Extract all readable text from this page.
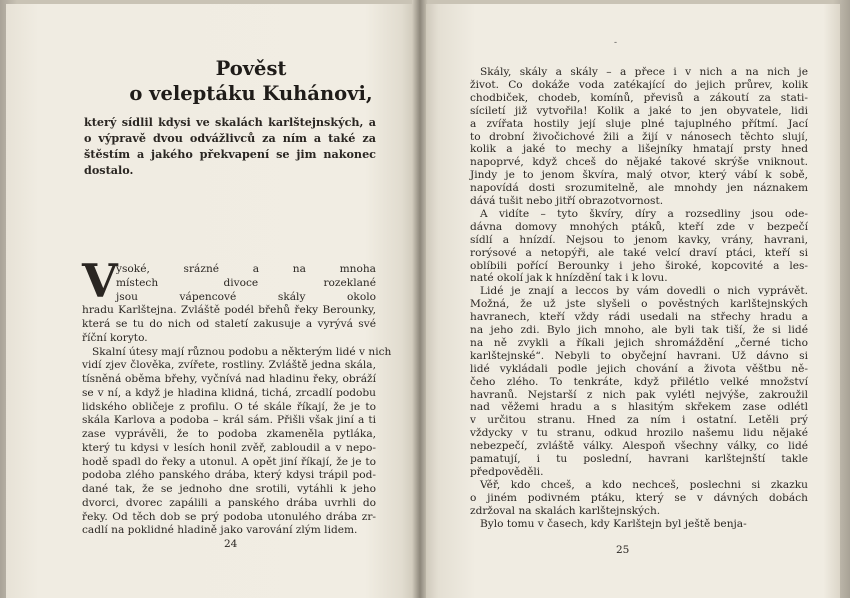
Pověst
o veleptáku Kuhánovi,
který sídlil kdysi ve skalách karlštejnských, a o výpravě dvou odvážlivců za ním a také za štěstím a jakého překvapení se jim nakonec dostalo.
V
24
ysoké, srázné a na mnoha
místech divoce rozeklané
jsou vápencové skály okolo
hradu Karlštejna. Zvláště podél břehů řeky Berounky,
která se tu do nich od staletí zakusuje a vyrývá své
říční koryto.
Skalní útesy mají různou podobu a některým lidé v nich
vidí zjev člověka, zvířete, rostliny. Zvláště jedna skála,
tísněná oběma břehy, vyčnívá nad hladinu řeky, obráží
se v ní, a když je hladina klidná, tichá, zrcadlí podobu
lidského obličeje z profilu. O té skále říkají, že je to
skála Karlova a podoba – král sám. Přišli však jiní a ti
zase vyprávěli, že to podoba zkameněla pytláka,
který tu kdysi v lesích honil zvěř, zabloudil a v nepo-
hodě spadl do řeky a utonul. A opět jiní říkají, že je to
podoba zlého panského drába, který kdysi trápil pod-
dané tak, že se jednoho dne srotili, vytáhli k jeho
dvorci, dvorec zapálili a panského drába uvrhli do
řeky. Od těch dob se prý podoba utonulého drába zr-
cadlí na poklidné hladině jako varování zlým lidem.
-
25
Skály, skály a skály – a přece i v nich a na nich je
život. Co dokáže voda zatékající do jejich průrev, kolik
chodbiček, chodeb, komínů, převisů a zákoutí za stati-
síciletí již vytvořila! Kolik a jaké to jen obyvatele, lidi
a zvířata hostily její sluje plné tajuplného přítmí. Jací
to drobní živočichové žili a žijí v nánosech těchto slují,
kolik a jaké to mechy a lišejníky hmatají prsty hned
napoprvé, když chceš do nějaké takové skrýše vniknout.
Jindy je to jenom škvíra, malý otvor, který vábí k sobě,
napovídá dosti srozumitelně, ale mnohdy jen náznakem
dává tušit nebo jitří obrazotvornost.
A vidíte – tyto škvíry, díry a rozsedliny jsou ode-
dávna domovy mnohých ptáků, kteří zde v bezpečí
sídlí a hnízdí. Nejsou to jenom kavky, vrány, havrani,
rorýsové a netopýři, ale také velcí draví ptáci, kteří si
oblíbili pořící Berounky i jeho široké, kopcovité a les-
naté okolí jak k hnízdění tak i k lovu.
Lidé je znají a leccos by vám dovedli o nich vyprávět.
Možná, že už jste slyšeli o pověstných karlštejnských
havranech, kteří vždy rádi usedali na střechy hradu a
na jeho zdi. Bylo jich mnoho, ale byli tak tiší, že si lidé
na ně zvykli a říkali jejich shromáždění „černé ticho
karlštejnské“. Nebyli to obyčejní havrani. Už dávno si
lidé vykládali podle jejich chování a života věštbu ně-
čeho zlého. To tenkráte, když přilétlo velké množství
havranů. Nejstarší z nich pak vylétl nejvýše, zakroužil
nad věžemi hradu a s hlasitým skřekem zase odlétl
v určitou stranu. Hned za ním i ostatní. Letěli prý
vždycky v tu stranu, odkud hrozilo našemu lidu nějaké
nebezpečí, zvláště války. Alespoň všechny války, co lidé
pamatují, i tu poslední, havrani karlštejnští takle
předpověděli.
Věř, kdo chceš, a kdo nechceš, poslechni si zkazku
o jiném podivném ptáku, který se v dávných dobách
zdržoval na skalách karlštejnských.
Bylo tomu v časech, kdy Karlštejn byl ještě benja-
